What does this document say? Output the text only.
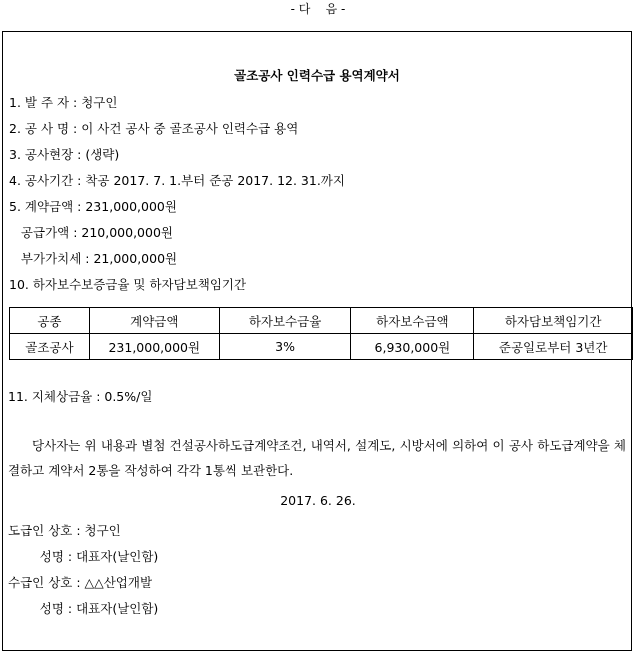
- 다    음 -
골조공사 인력수급 용역계약서
1. 발 주 자 : 청구인
2. 공 사 명 : 이 사건 공사 중 골조공사 인력수급 용역
3. 공사현장 : (생략)
4. 공사기간 : 착공 2017. 7. 1.부터 준공 2017. 12. 31.까지
5. 계약금액 : 231,000,000원
공급가액 : 210,000,000원
부가가치세 : 21,000,000원
10. 하자보수보증금율 및 하자담보책임기간
공종	계약금액	하자보수금율	하자보수금액	하자담보책임기간
골조공사	231,000,000원	3%	6,930,000원	준공일로부터 3년간
11. 지체상금율 : 0.5%/일
당사자는 위 내용과 별첨 건설공사하도급계약조건, 내역서, 설계도, 시방서에 의하여 이 공사 하도급계약을 체결하고 계약서 2통을 작성하여 각각 1통씩 보관한다.
2017. 6. 26.
도급인 상호 : 청구인
성명 : 대표자(날인함)
수급인 상호 : △△산업개발
성명 : 대표자(날인함)
